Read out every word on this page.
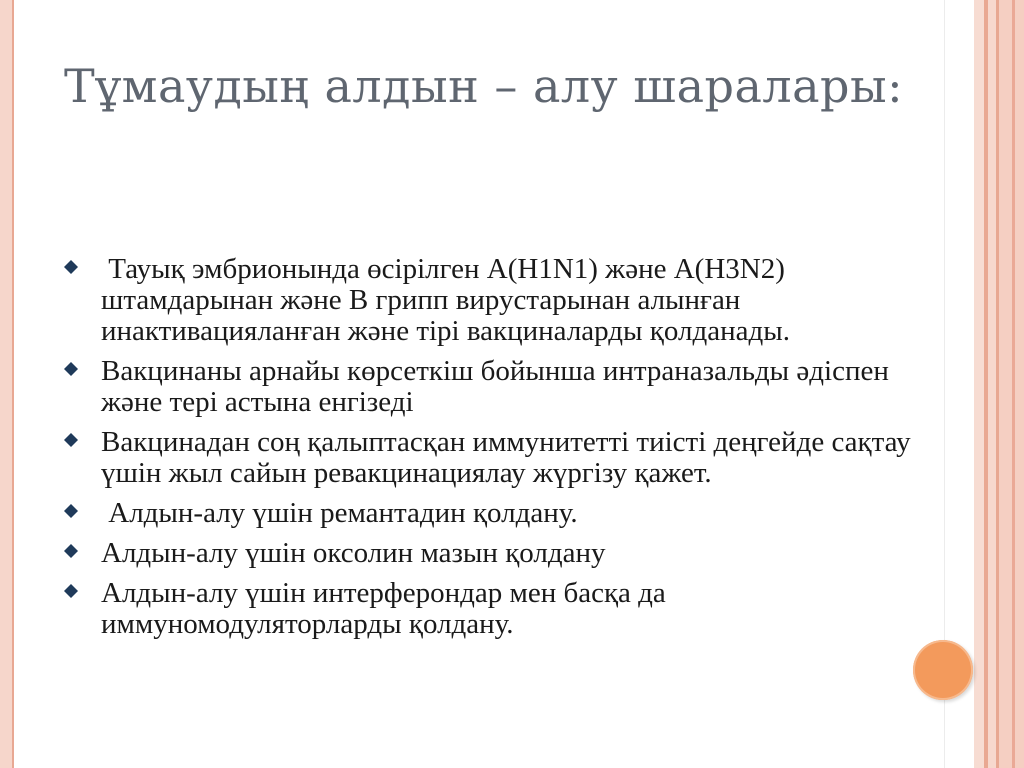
Тұмаудың алдын – алу шаралары:
Тауық эмбрионында өсірілген A(H1N1) және A(H3N2) штамдарынан және B грипп вирустарынан алынған инактивацияланған және тірі вакциналарды қолданады.
Вакцинаны арнайы көрсеткіш бойынша интраназальды әдіспен және тері астына енгізеді
Вакцинадан соң қалыптасқан иммунитетті тиісті деңгейде сақтау үшін жыл сайын ревакцинациялау жүргізу қажет.
Алдын-алу үшін ремантадин қолдану.
Алдын-алу үшін оксолин мазын қолдану
Алдын-алу үшін интерферондар мен басқа да иммуномодуляторларды қолдану.
